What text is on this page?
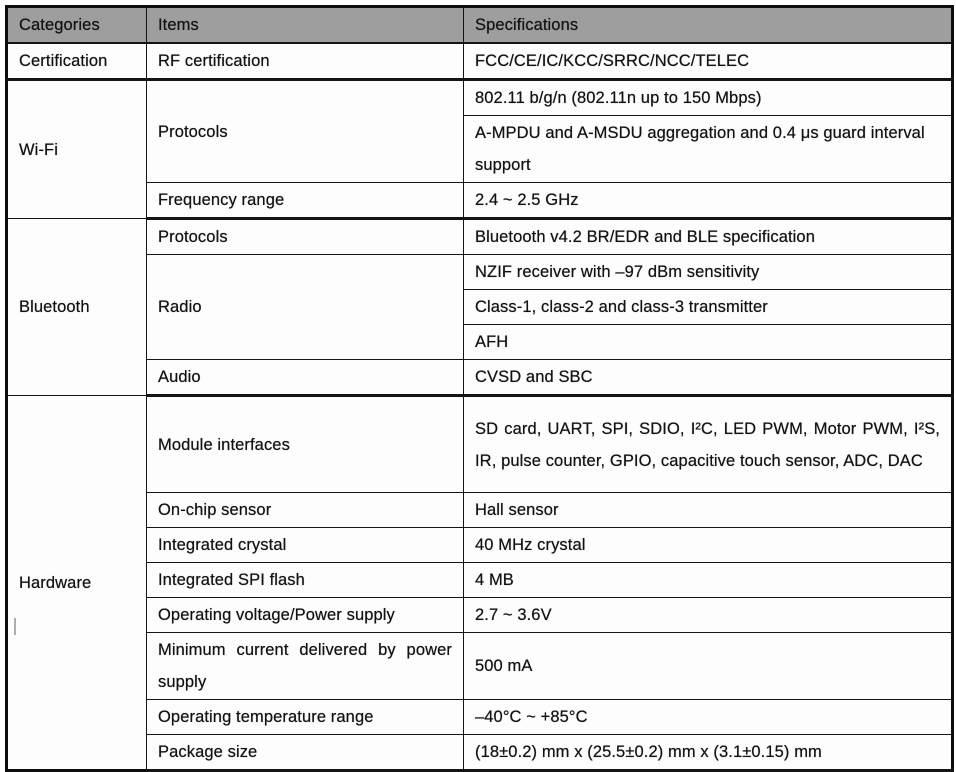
Categories	Items	Specifications
Certification	RF certification	FCC/CE/IC/KCC/SRRC/NCC/TELEC
Wi-Fi	Protocols	802.11 b/g/n (802.11n up to 150 Mbps)
		A-MPDU and A-MSDU aggregation and 0.4 μs guard interval support
	Frequency range	2.4 ~ 2.5 GHz
Bluetooth	Protocols	Bluetooth v4.2 BR/EDR and BLE specification
	Radio	NZIF receiver with –97 dBm sensitivity
		Class-1, class-2 and class-3 transmitter
		AFH
	Audio	CVSD and SBC
Hardware	Module interfaces	SD card, UART, SPI, SDIO, I²C, LED PWM, Motor PWM, I²S, IR, pulse counter, GPIO, capacitive touch sensor, ADC, DAC
	On-chip sensor	Hall sensor
	Integrated crystal	40 MHz crystal
	Integrated SPI flash	4 MB
	Operating voltage/Power supply	2.7 ~ 3.6V
	Minimum current delivered by power supply	500 mA
	Operating temperature range	–40°C ~ +85°C
	Package size	(18±0.2) mm x (25.5±0.2) mm x (3.1±0.15) mm
